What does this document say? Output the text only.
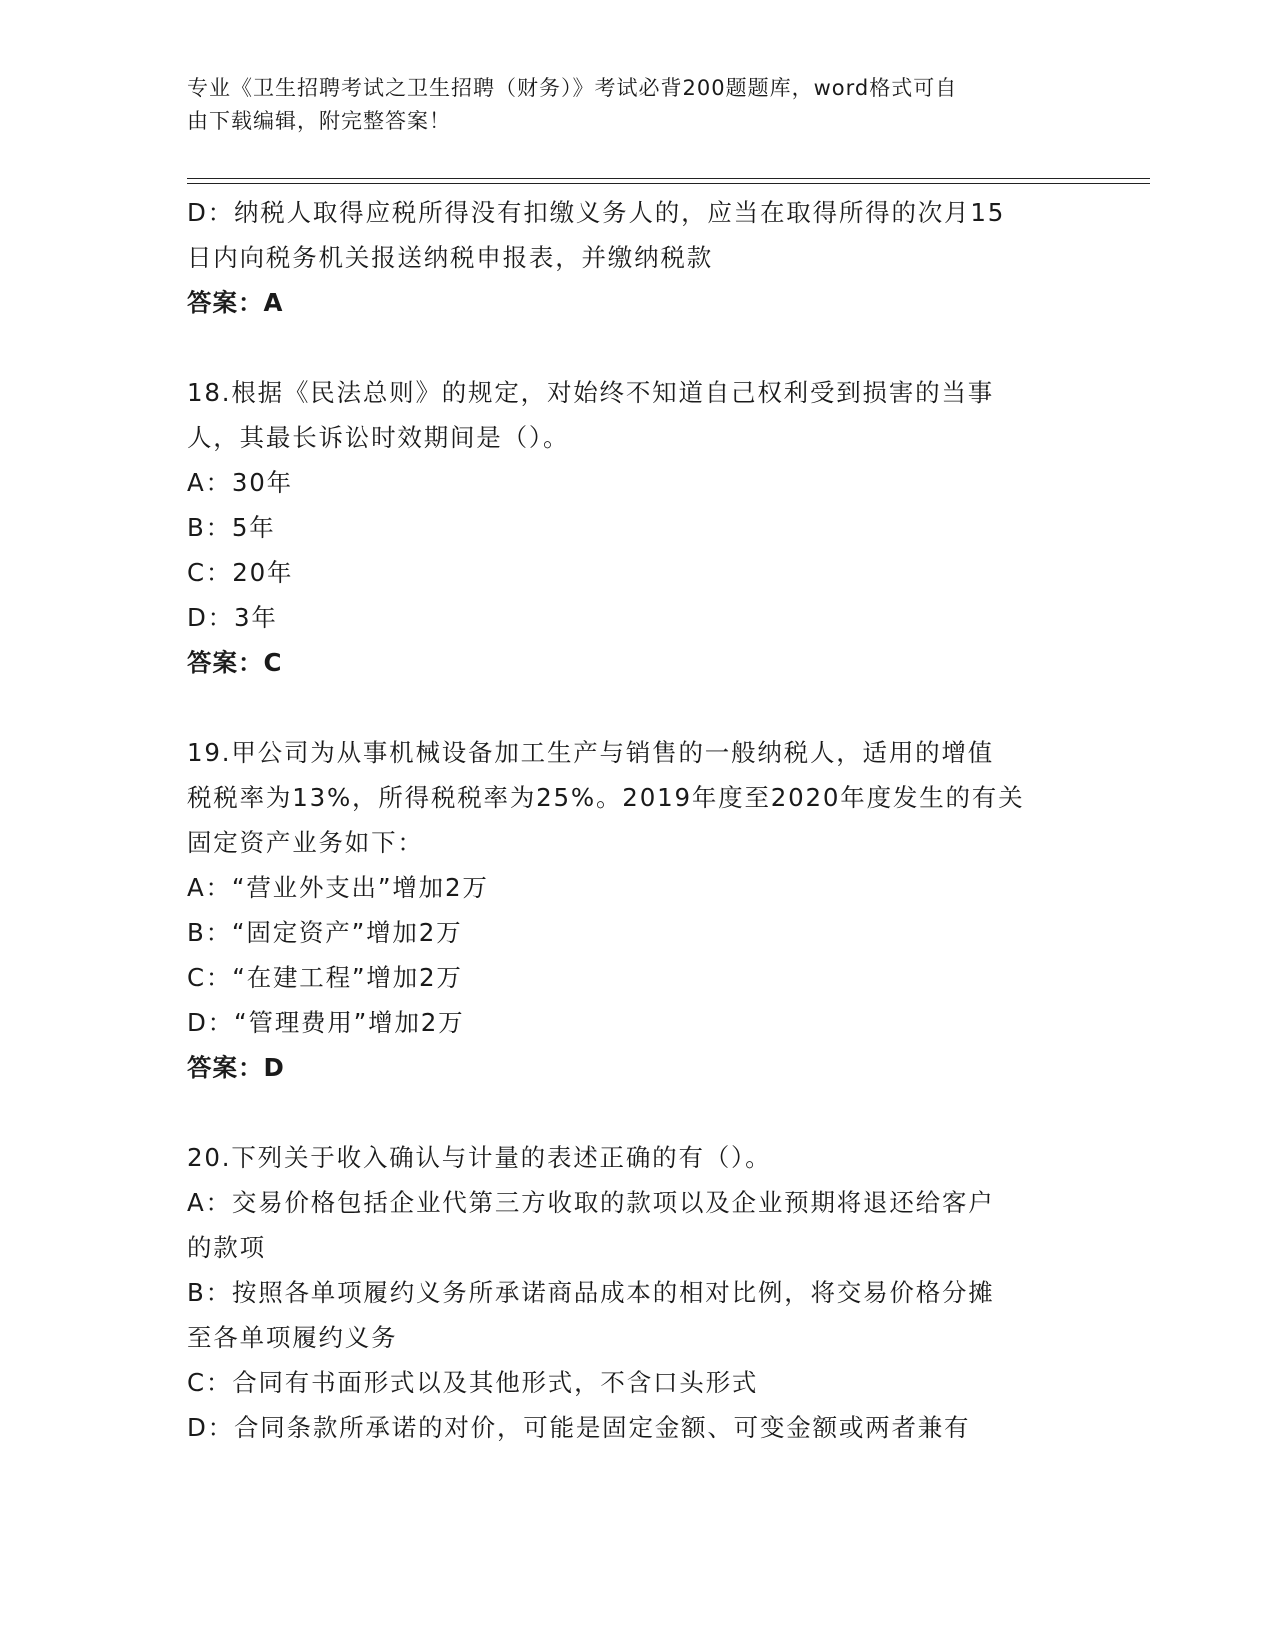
专业《卫生招聘考试之卫生招聘（财务）》考试必背200题题库，word格式可自
由下载编辑，附完整答案！
D：纳税人取得应税所得没有扣缴义务人的，应当在取得所得的次月15
日内向税务机关报送纳税申报表，并缴纳税款
答案：A
18.根据《民法总则》的规定，对始终不知道自己权利受到损害的当事
人，其最长诉讼时效期间是（）。
A：30年
B：5年
C：20年
D：3年
答案：C
19.甲公司为从事机械设备加工生产与销售的一般纳税人，适用的增值
税税率为13%，所得税税率为25%。2019年度至2020年度发生的有关
固定资产业务如下：
A：“营业外支出”增加2万
B：“固定资产”增加2万
C：“在建工程”增加2万
D：“管理费用”增加2万
答案：D
20.下列关于收入确认与计量的表述正确的有（）。
A：交易价格包括企业代第三方收取的款项以及企业预期将退还给客户
的款项
B：按照各单项履约义务所承诺商品成本的相对比例，将交易价格分摊
至各单项履约义务
C：合同有书面形式以及其他形式，不含口头形式
D：合同条款所承诺的对价，可能是固定金额、可变金额或两者兼有
